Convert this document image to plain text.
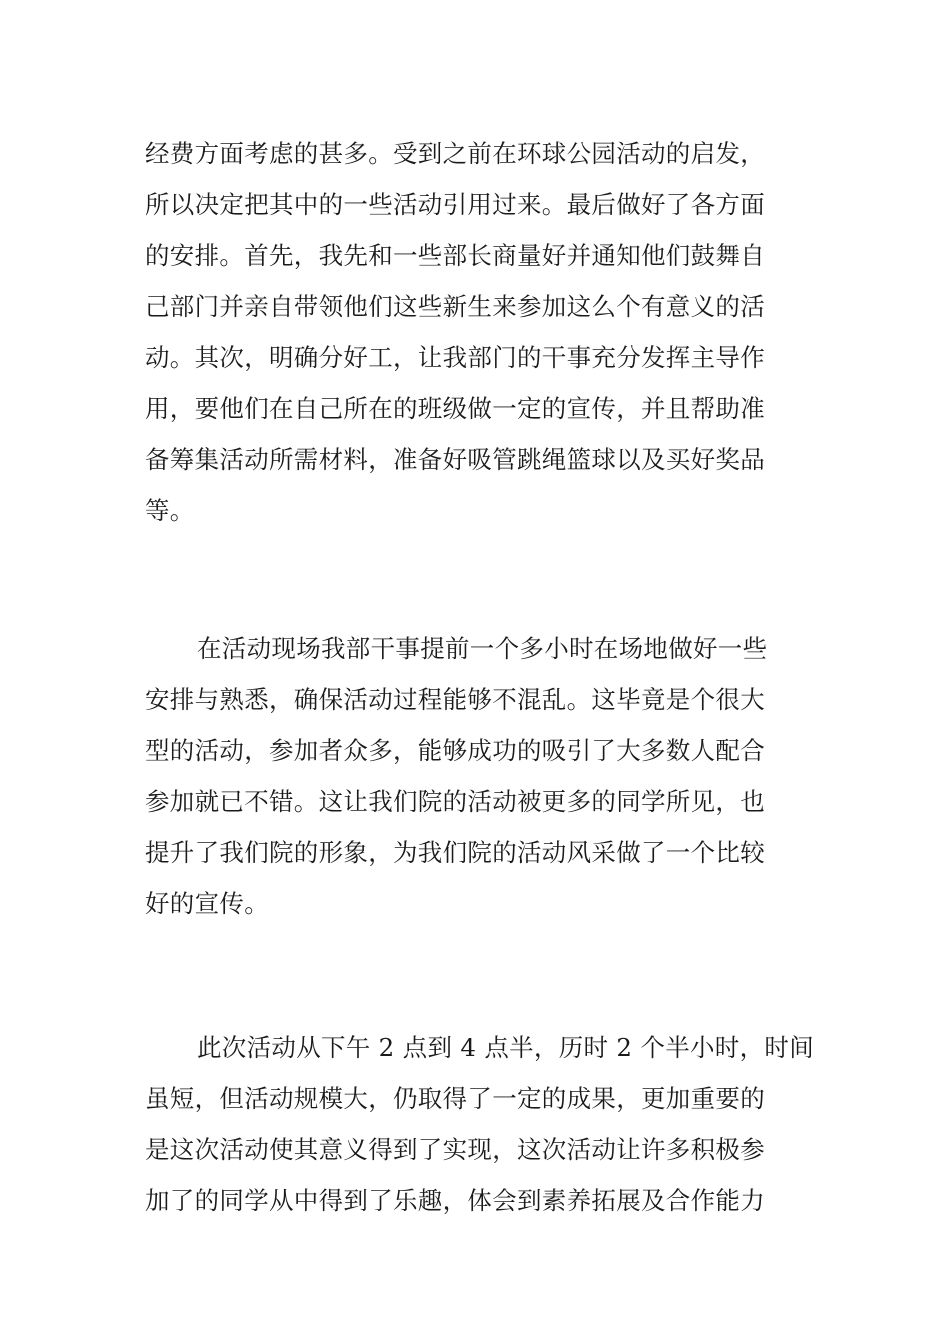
经费方面考虑的甚多。受到之前在环球公园活动的启发，
所以决定把其中的一些活动引用过来。最后做好了各方面
的安排。首先，我先和一些部长商量好并通知他们鼓舞自
己部门并亲自带领他们这些新生来参加这么个有意义的活
动。其次，明确分好工，让我部门的干事充分发挥主导作
用，要他们在自己所在的班级做一定的宣传，并且帮助准
备筹集活动所需材料，准备好吸管跳绳篮球以及买好奖品
等。
在活动现场我部干事提前一个多小时在场地做好一些
安排与熟悉，确保活动过程能够不混乱。这毕竟是个很大
型的活动，参加者众多，能够成功的吸引了大多数人配合
参加就已不错。这让我们院的活动被更多的同学所见，也
提升了我们院的形象，为我们院的活动风采做了一个比较
好的宣传。
此次活动从下午 2 点到 4 点半，历时 2 个半小时，时间
虽短，但活动规模大，仍取得了一定的成果，更加重要的
是这次活动使其意义得到了实现，这次活动让许多积极参
加了的同学从中得到了乐趣，体会到素养拓展及合作能力
